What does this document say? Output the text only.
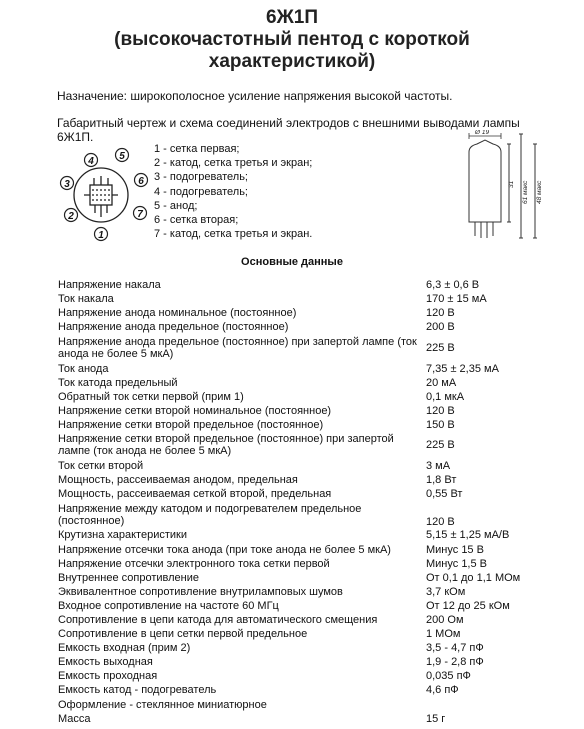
6Ж1П
(высокочастотный пентод с короткой
характеристикой)
Назначение: широкополосное усиление напряжения высокой частоты.
Габаритный чертеж и схема соединений электродов с внешними выводами лампы 6Ж1П.
1
2
3
4	5
6
7
1 - сетка первая;
2 - катод, сетка третья и экран;
3 - подогреватель;
4 - подогреватель;
5 - анод;
6 - сетка вторая;
7 - катод, сетка третья и экран.
Ø 19
31 61 макс 48 макс
Основные данные
Напряжение накала	6,3 ± 0,6 В
Ток накала	170 ± 15 мА
Напряжение анода номинальное (постоянное)	120 В
Напряжение анода предельное (постоянное)	200 В
Напряжение анода предельное (постоянное) при запертой лампе (ток анода не более 5 мкА)	225 В
Ток анода	7,35 ± 2,35 мА
Ток катода предельный	20 мА
Обратный ток сетки первой (прим 1)	0,1 мкА
Напряжение сетки второй номинальное (постоянное)	120 В
Напряжение сетки второй предельное (постоянное)	150 В
Напряжение сетки второй предельное (постоянное) при запертой лампе (ток анода не более 5 мкА)	225 В
Ток сетки второй	3 мА
Мощность, рассеиваемая анодом, предельная	1,8 Вт
Мощность, рассеиваемая сеткой второй, предельная	0,55 Вт
Напряжение между катодом и подогревателем предельное (постоянное)	120 В
Крутизна характеристики	5,15 ± 1,25 мА/В
Напряжение отсечки тока анода (при токе анода не более 5 мкА)	Минус 15 В
Напряжение отсечки электронного тока сетки первой	Минус 1,5 В
Внутреннее сопротивление	От 0,1 до 1,1 МОм
Эквивалентное сопротивление внутриламповых шумов	3,7 кОм
Входное сопротивление на частоте 60 МГц	От 12 до 25 кОм
Сопротивление в цепи катода для автоматического смещения	200 Ом
Сопротивление в цепи сетки первой предельное	1 МОм
Емкость входная (прим 2)	3,5 - 4,7 пФ
Емкость выходная	1,9 - 2,8 пФ
Емкость проходная	0,035 пФ
Емкость катод - подогреватель	4,6 пФ
Оформление - стеклянное миниатюрное
Масса	15 г
